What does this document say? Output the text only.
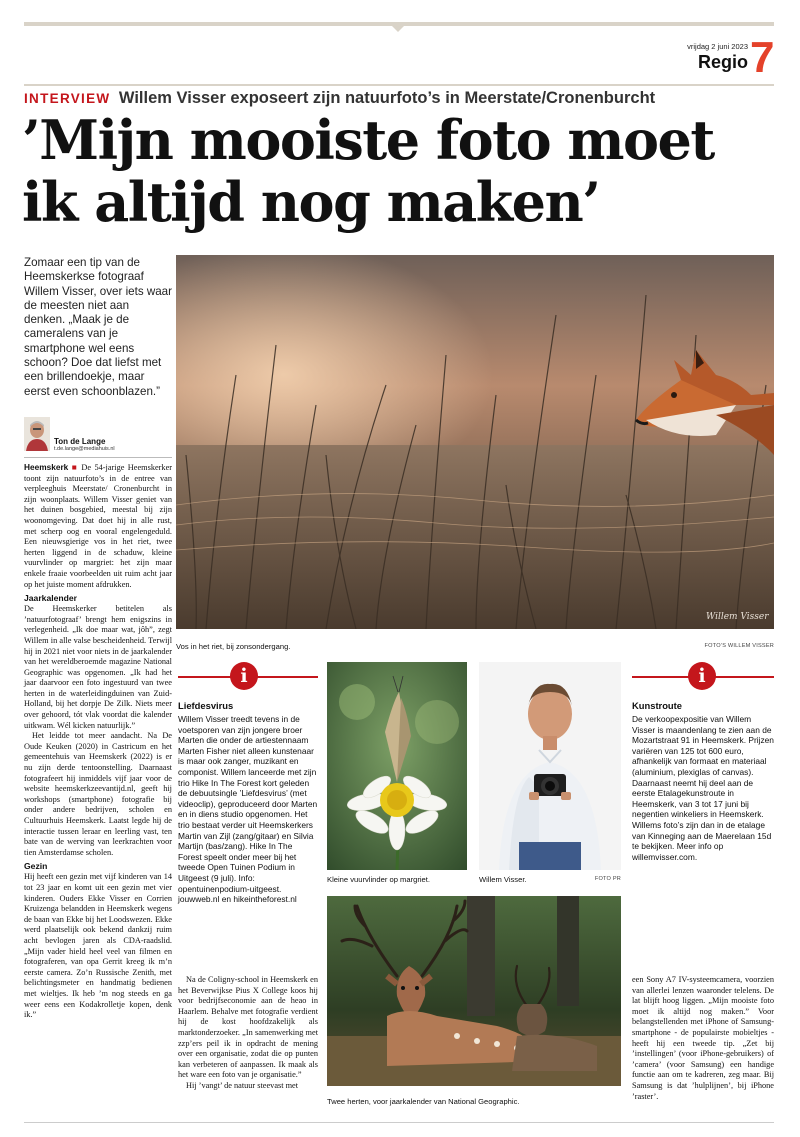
vrijdag 2 juni 2023
Regio 7
INTERVIEW Willem Visser exposeert zijn natuurfoto’s in Meerstate/Cronenburcht
’Mijn mooiste foto moet
ik altijd nog maken’
Zomaar een tip van de Heemskerkse fotograaf Willem Visser, over iets waar de meesten niet aan denken. „Maak je de cameralens van je smartphone wel eens schoon? Doe dat liefst met een brillendoekje, maar eerst even schoonblazen.”
Ton de Lange
t.de.lange@mediahuis.nl

Heemskerk ■ De 54-jarige Heemskerker toont zijn natuurfoto’s in de entree van verpleeghuis Meerstate/ Cronenburcht in zijn woonplaats. Willem Visser geniet van het duinen bosgebied, meestal bij zijn woonomgeving. Dat doet hij in alle rust, met scherp oog en vooral engelengeduld. Een nieuwsgierige vos in het riet, twee herten liggend in de schaduw, kleine vuurvlinder op margriet: het zijn maar enkele fraaie voorbeelden uit ruim acht jaar op het juiste moment afdrukken.

Jaarkalender

De Heemskerker betitelen als ’natuurfotograaf’ brengt hem enigszins in verlegenheid. „Ik doe maar wat, jôh”, zegt Willem in alle valse bescheidenheid. Terwijl hij in 2021 niet voor niets in de jaarkalender van het wereldberoemde magazine National Geographic was opgenomen. „Ik had het jaar daarvoor een foto ingestuurd van twee herten in de waterleidingduinen van Zuid-Holland, bij het dorpje De Zilk. Niets meer over gehoord, tót vlak voordat die kalender uitkwam. Wél kicken natuurlijk.”

Het leidde tot meer aandacht. Na De Oude Keuken (2020) in Castricum en het gemeentehuis van Heemskerk (2022) is er nu zijn derde tentoonstelling. Daarnaast fotografeert hij inmiddels vijf jaar voor de website heemskerkzeevantijd.nl, geeft hij workshops (smartphone) fotografie bij onder andere bedrijven, scholen en Cultuurhuis Heemskerk. Laatst legde hij de interactie tussen leraar en leerling vast, ten bate van de werving van leerkrachten voor tien Amsterdamse scholen.

Gezin

Hij heeft een gezin met vijf kinderen van 14 tot 23 jaar en komt uit een gezin met vier kinderen. Ouders Ekke Visser en Corrien Kruizenga belandden in Heemskerk wegens de baan van Ekke bij het Loodswezen. Ekke werd plaatselijk ook bekend dankzij ruim acht bevlogen jaren als CDA-raadslid. „Mijn vader hield heel veel van filmen en fotograferen, van opa Gerrit kreeg ik m’n eerste camera. Zo’n Russische Zenith, met belichtingsmeter en handmatig bedienen met wieltjes. Ik heb ’m nog steeds en ga weer eens een Kodakrolletje kopen, denk ik.”

Willem Visser
Vos in het riet, bij zonsondergang.	FOTO’S WILLEM VISSER
i
Liefdesvirus

Willem Visser treedt tevens in de voetsporen van zijn jongere broer Marten die onder de artiestennaam Marten Fisher niet alleen kunstenaar is maar ook zanger, muzikant en componist. Willem lanceerde met zijn trio Hike In The Forest kort geleden de debuutsingle ’Liefdesvirus’ (met videoclip), geproduceerd door Marten en in diens studio opgenomen. Het trio bestaat verder uit Heemskerkers Martin van Zijl (zang/gitaar) en Silvia Martijn (bas/zang). Hike In The Forest speelt onder meer bij het tweede Open Tuinen Podium in Uitgeest (9 juli). Info: opentuinenpodium-uitgeest. jouwweb.nl en hikeintheforest.nl

Kleine vuurvlinder op margriet.	Willem Visser.	FOTO PR
i
Kunstroute

De verkoopexpositie van Willem Visser is maandenlang te zien aan de Mozartstraat 91 in Heemskerk. Prijzen variëren van 125 tot 600 euro, afhankelijk van formaat en materiaal (aluminium, plexiglas of canvas). Daarnaast neemt hij deel aan de eerste Etalagekunstroute in Heemskerk, van 3 tot 17 juni bij negentien winkeliers in Heemskerk. Willems foto’s zijn dan in de etalage van Kinneging aan de Maerelaan 15d te bekijken. Meer info op willemvisser.com.

Twee herten, voor jaarkalender van National Geographic.

Na de Coligny-school in Heemskerk en het Beverwijkse Pius X College koos hij voor bedrijfseconomie aan de heao in Haarlem. Behalve met fotografie verdient hij de kost hoofdzakelijk als marktonderzoeker. „In samenwerking met zzp’ers peil ik in opdracht de mening over een organisatie, zodat die op punten kan verbeteren of aanpassen. Ik maak als het ware een foto van je organisatie.”

Hij ’vangt’ de natuur steevast met

een Sony A7 IV-systeemcamera, voorzien van allerlei lenzen waaronder telelens. De lat blijft hoog liggen. „Mijn mooiste foto moet ik altijd nog maken.” Voor belangstellenden met iPhone of Samsung-smartphone - de populairste mobieltjes - heeft hij een tweede tip. „Zet bij ’instellingen’ (voor iPhone-gebruikers) of ’camera’ (voor Samsung) een handige functie aan om te kadreren, zeg maar. Bij Samsung is dat ’hulplijnen’, bij iPhone ’raster’.
